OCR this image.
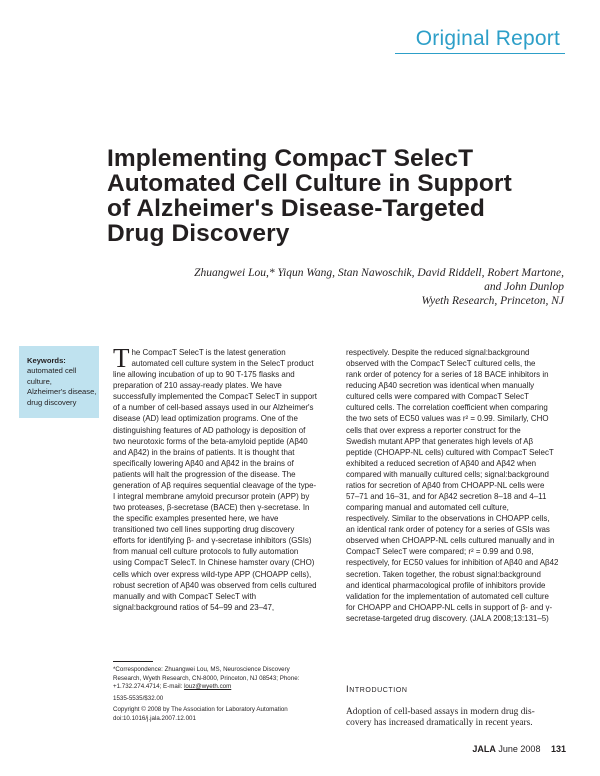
Original Report
Implementing CompacT SelecT
Automated Cell Culture in Support
of Alzheimer's Disease-Targeted
Drug Discovery
Zhuangwei Lou,* Yiqun Wang, Stan Nawoschik, David Riddell, Robert Martone,
and John Dunlop
Wyeth Research, Princeton, NJ
Keywords:
automated cell
culture,
Alzheimer's disease,
drug discovery
T he CompacT SelecT is the latest generation
automated cell culture system in the SelecT product
line allowing incubation of up to 90 T-175 flasks and
preparation of 210 assay-ready plates. We have
successfully implemented the CompacT SelecT in support
of a number of cell-based assays used in our Alzheimer's
disease (AD) lead optimization programs. One of the
distinguishing features of AD pathology is deposition of
two neurotoxic forms of the beta-amyloid peptide (Aβ40
and Aβ42) in the brains of patients. It is thought that
specifically lowering Aβ40 and Aβ42 in the brains of
patients will halt the progression of the disease. The
generation of Aβ requires sequential cleavage of the type-
I integral membrane amyloid precursor protein (APP) by
two proteases, β-secretase (BACE) then γ-secretase. In
the specific examples presented here, we have
transitioned two cell lines supporting drug discovery
efforts for identifying β- and γ-secretase inhibitors (GSIs)
from manual cell culture protocols to fully automation
using CompacT SelecT. In Chinese hamster ovary (CHO)
cells which over express wild-type APP (CHOAPP cells),
robust secretion of Aβ40 was observed from cells cultured
manually and with CompacT SelecT with
signal:background ratios of 54–99 and 23–47,
respectively. Despite the reduced signal:background
observed with the CompacT SelecT cultured cells, the
rank order of potency for a series of 18 BACE inhibitors in
reducing Aβ40 secretion was identical when manually
cultured cells were compared with CompacT SelecT
cultured cells. The correlation coefficient when comparing
the two sets of EC50 values was r² = 0.99. Similarly, CHO
cells that over express a reporter construct for the
Swedish mutant APP that generates high levels of Aβ
peptide (CHOAPP-NL cells) cultured with CompacT SelecT
exhibited a reduced secretion of Aβ40 and Aβ42 when
compared with manually cultured cells; signal:background
ratios for secretion of Aβ40 from CHOAPP-NL cells were
57–71 and 16–31, and for Aβ42 secretion 8–18 and 4–11
comparing manual and automated cell culture,
respectively. Similar to the observations in CHOAPP cells,
an identical rank order of potency for a series of GSIs was
observed when CHOAPP-NL cells cultured manually and in
CompacT SelecT were compared; r² = 0.99 and 0.98,
respectively, for EC50 values for inhibition of Aβ40 and Aβ42
secretion. Taken together, the robust signal:background
and identical pharmacological profile of inhibitors provide
validation for the implementation of automated cell culture
for CHOAPP and CHOAPP-NL cells in support of β- and γ-
secretase-targeted drug discovery. (JALA 2008;13:131–5)
*Correspondence: Zhuangwei Lou, MS, Neuroscience Discovery
Research, Wyeth Research, CN-8000, Princeton, NJ 08543; Phone:
+1.732.274.4714; E-mail: louz@wyeth.com
1535-5535/$32.00
Copyright © 2008 by The Association for Laboratory Automation
doi:10.1016/j.jala.2007.12.001
Introduction
Adoption of cell-based assays in modern drug dis-
covery has increased dramatically in recent years.
JALA June 2008 131
